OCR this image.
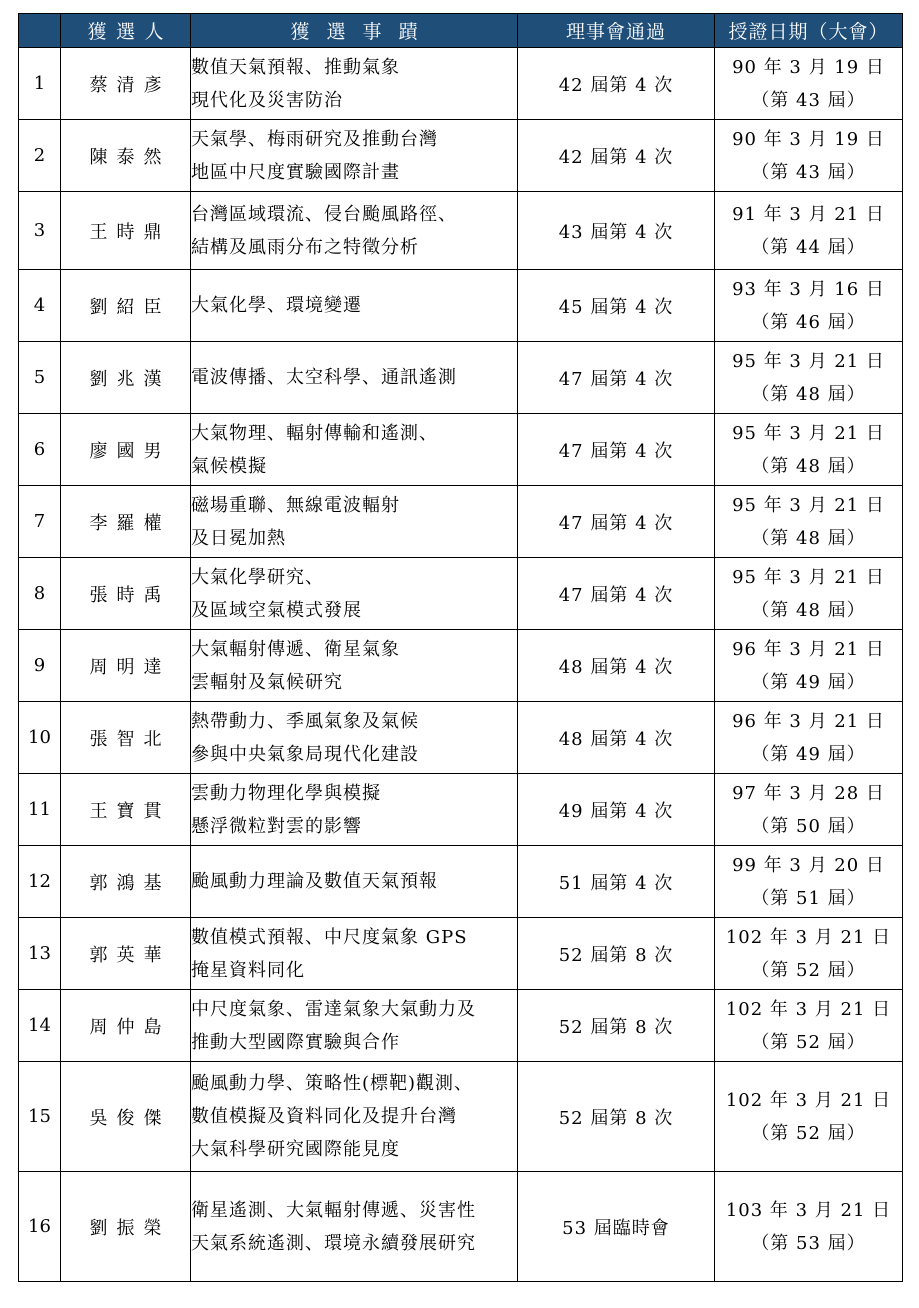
	獲選人	獲選事蹟	理事會通過	授證日期（大會）
1	蔡清彥	數值天氣預報、推動氣象
現代化及災害防治	42 屆第 4 次	90 年 3 月 19 日
（第 43 屆）

2	陳泰然	天氣學、梅雨研究及推動台灣
地區中尺度實驗國際計畫	42 屆第 4 次	90 年 3 月 19 日
（第 43 屆）

3	王時鼎	台灣區域環流、侵台颱風路徑、
結構及風雨分布之特徵分析	43 屆第 4 次	91 年 3 月 21 日
（第 44 屆）

4	劉紹臣	大氣化學、環境變遷	45 屆第 4 次	93 年 3 月 16 日
（第 46 屆）

5	劉兆漢	電波傳播、太空科學、通訊遙測	47 屆第 4 次	95 年 3 月 21 日
（第 48 屆）

6	廖國男	大氣物理、輻射傳輸和遙測、
氣候模擬	47 屆第 4 次	95 年 3 月 21 日
（第 48 屆）

7	李羅權	磁場重聯、無線電波輻射
及日冕加熱	47 屆第 4 次	95 年 3 月 21 日
（第 48 屆）

8	張時禹	大氣化學研究、
及區域空氣模式發展	47 屆第 4 次	95 年 3 月 21 日
（第 48 屆）

9	周明達	大氣輻射傳遞、衛星氣象
雲輻射及氣候研究	48 屆第 4 次	96 年 3 月 21 日
（第 49 屆）

10	張智北	熱帶動力、季風氣象及氣候
參與中央氣象局現代化建設	48 屆第 4 次	96 年 3 月 21 日
（第 49 屆）

11	王寶貫	雲動力物理化學與模擬
懸浮微粒對雲的影響	49 屆第 4 次	97 年 3 月 28 日
（第 50 屆）

12	郭鴻基	颱風動力理論及數值天氣預報	51 屆第 4 次	99 年 3 月 20 日
（第 51 屆）

13	郭英華	數值模式預報、中尺度氣象 GPS
掩星資料同化	52 屆第 8 次	102 年 3 月 21 日
（第 52 屆）

14	周仲島	中尺度氣象、雷達氣象大氣動力及
推動大型國際實驗與合作	52 屆第 8 次	102 年 3 月 21 日
（第 52 屆）

15	吳俊傑	颱風動力學、策略性(標靶)觀測、
數值模擬及資料同化及提升台灣
大氣科學研究國際能見度	52 屆第 8 次	102 年 3 月 21 日
（第 52 屆）

16	劉振榮	衛星遙測、大氣輻射傳遞、災害性
天氣系統遙測、環境永續發展研究	53 屆臨時會	103 年 3 月 21 日
（第 53 屆）
